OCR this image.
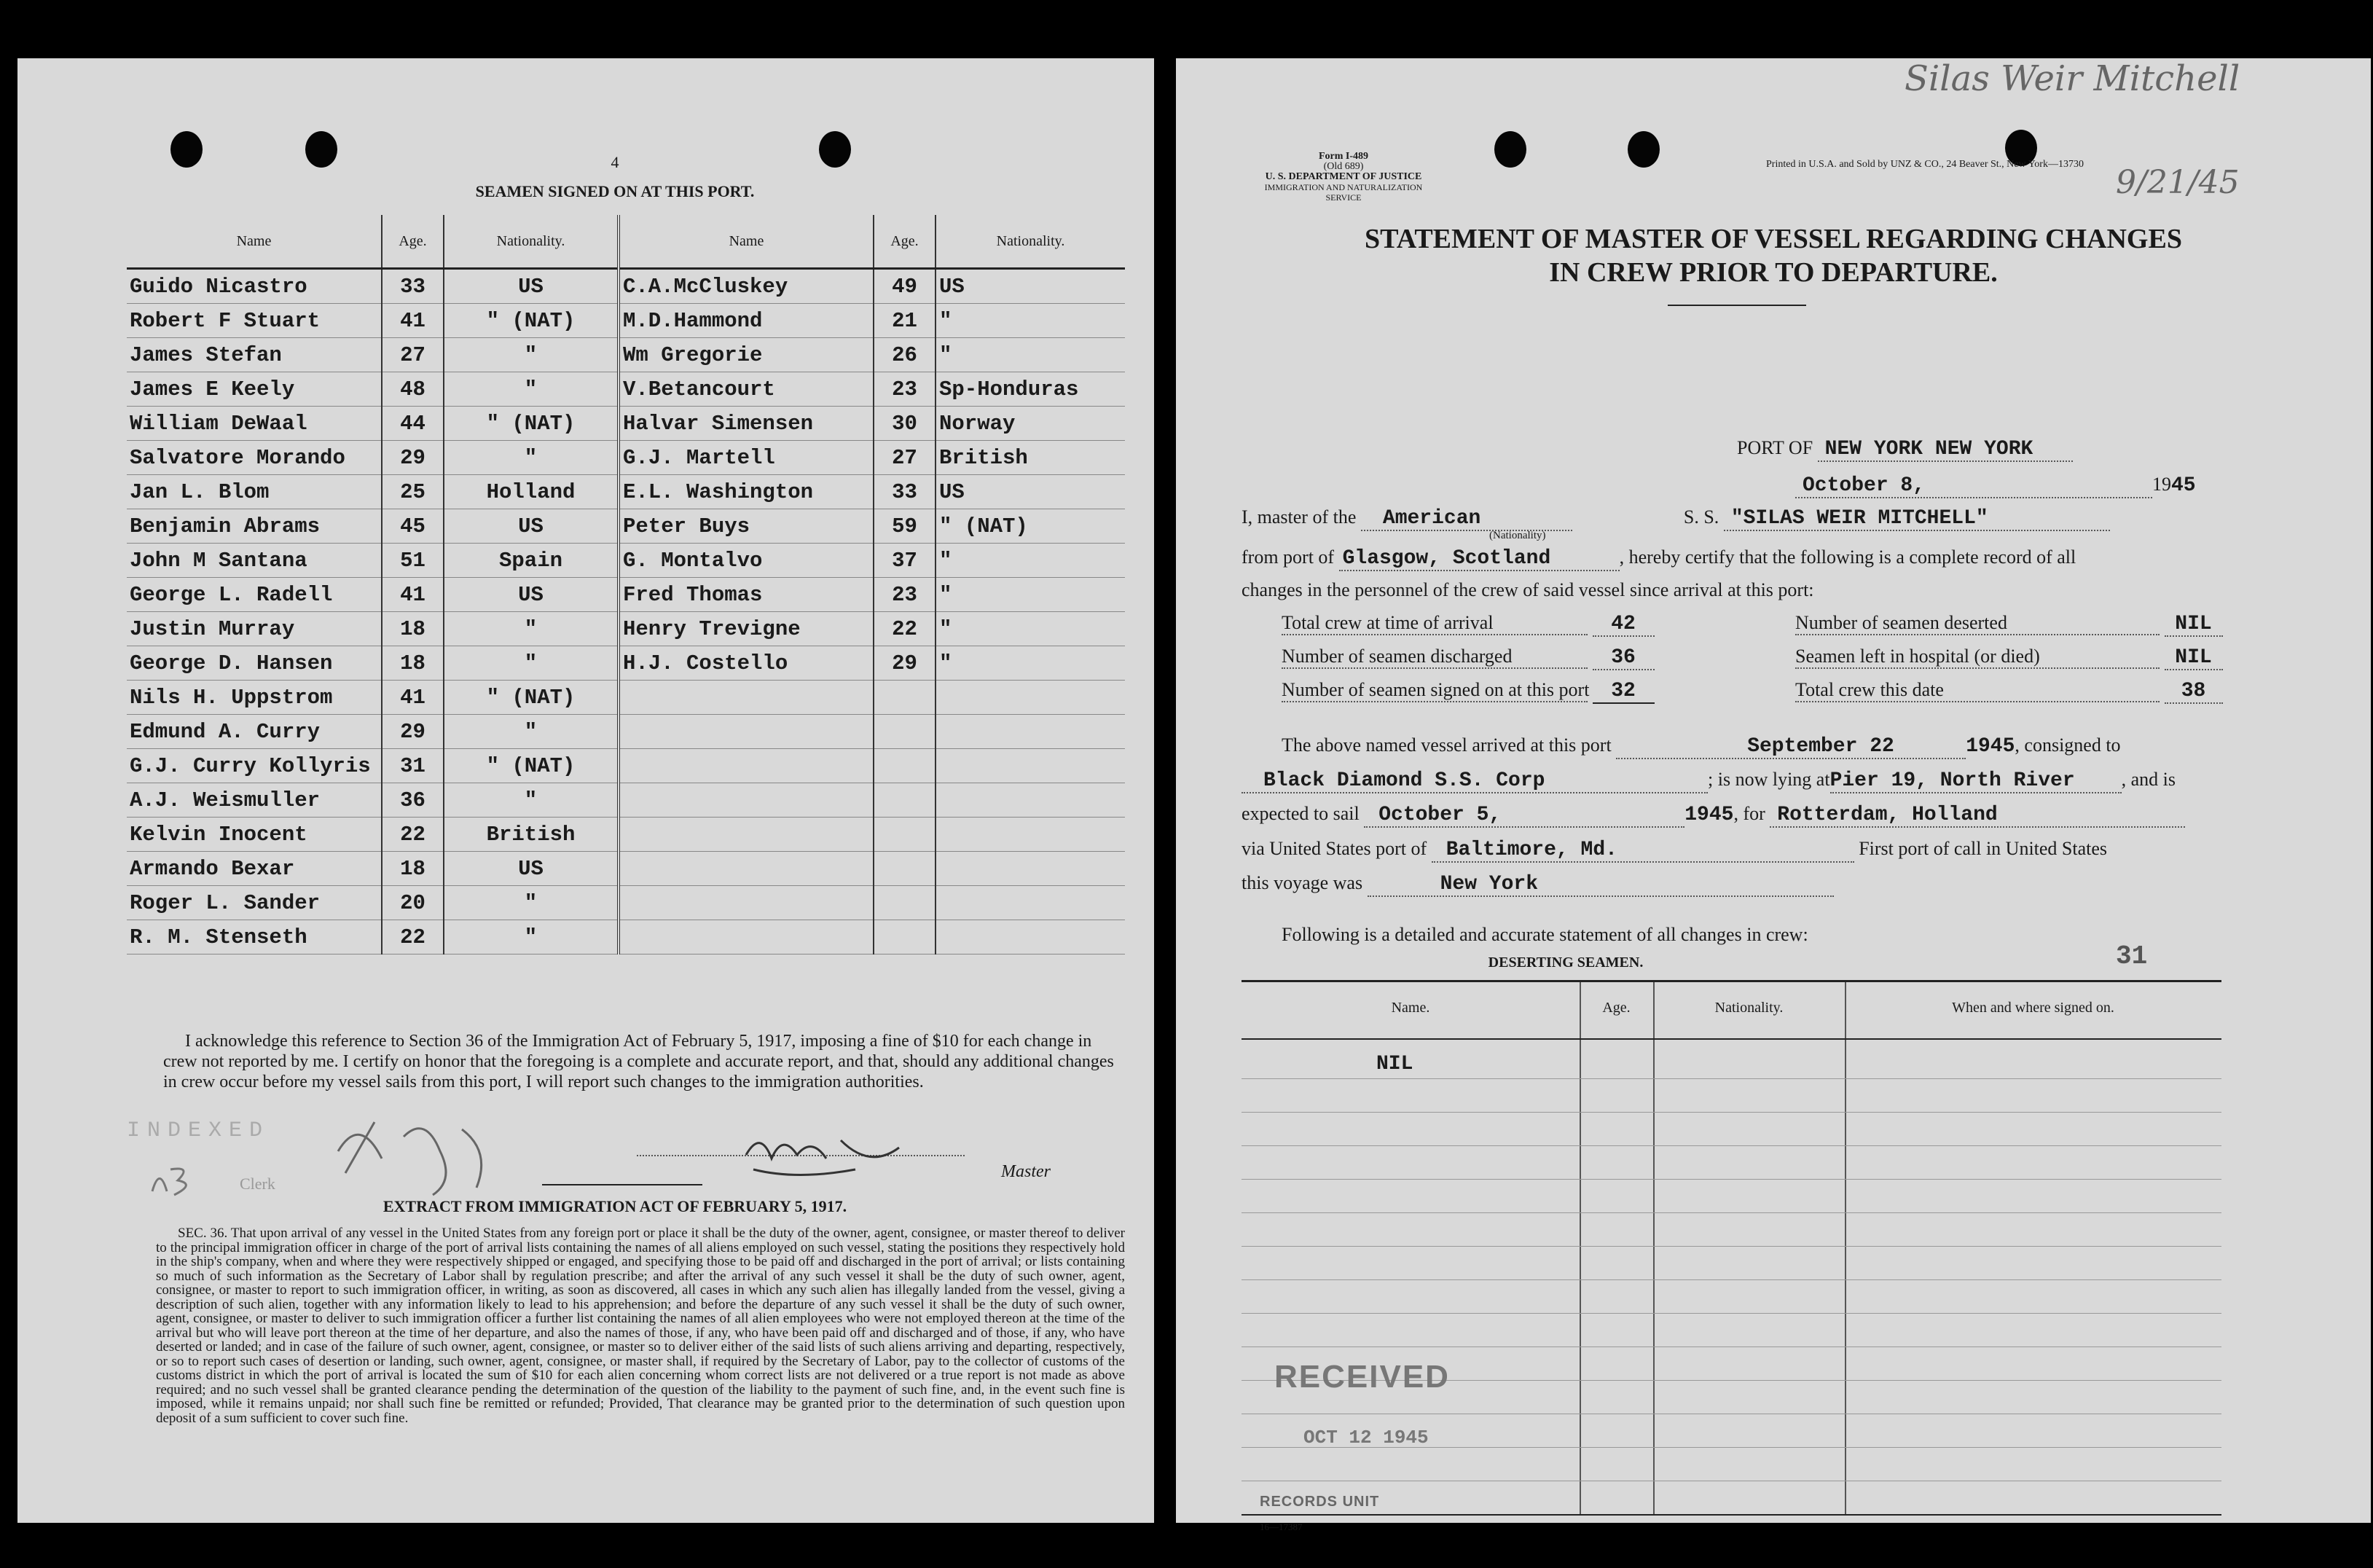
4
SEAMEN SIGNED ON AT THIS PORT.
Name	Age.	Nationality.	Name	Age.	Nationality.
Guido Nicastro	33	US	C.A.McCluskey	49	US
Robert F Stuart	41	" (NAT)	M.D.Hammond	21	"
James Stefan	27	"	Wm Gregorie	26	"
James E Keely	48	"	V.Betancourt	23	Sp-Honduras
William DeWaal	44	" (NAT)	Halvar Simensen	30	Norway
Salvatore Morando	29	"	G.J. Martell	27	British
Jan L. Blom	25	Holland	E.L. Washington	33	US
Benjamin Abrams	45	US	Peter Buys	59	" (NAT)
John M Santana	51	Spain	G. Montalvo	37	"
George L. Radell	41	US	Fred Thomas	23	"
Justin Murray	18	"	Henry Trevigne	22	"
George D. Hansen	18	"	H.J. Costello	29	"
Nils H. Uppstrom	41	" (NAT)			
Edmund A. Curry	29	"			
G.J. Curry Kollyris	31	" (NAT)			
A.J. Weismuller	36	"			
Kelvin Inocent	22	British			
Armando Bexar	18	US			
Roger L. Sander	20	"			
R. M. Stenseth	22	"			
I acknowledge this reference to Section 36 of the Immigration Act of February 5, 1917, imposing a fine of $10 for each change in crew not reported by me. I certify on honor that the foregoing is a complete and accurate report, and that, should any additional changes in crew occur before my vessel sails from this port, I will report such changes to the immigration authorities.
INDEXED
Clerk
Master
EXTRACT FROM IMMIGRATION ACT OF FEBRUARY 5, 1917.
SEC. 36. That upon arrival of any vessel in the United States from any foreign port or place it shall be the duty of the owner, agent, consignee, or master thereof to deliver to the principal immigration officer in charge of the port of arrival lists containing the names of all aliens employed on such vessel, stating the positions they respectively hold in the ship's company, when and where they were respectively shipped or engaged, and specifying those to be paid off and discharged in the port of arrival; or lists containing so much of such information as the Secretary of Labor shall by regulation prescribe; and after the arrival of any such vessel it shall be the duty of such owner, agent, consignee, or master to report to such immigration officer, in writing, as soon as discovered, all cases in which any such alien has illegally landed from the vessel, giving a description of such alien, together with any information likely to lead to his apprehension; and before the departure of any such vessel it shall be the duty of such owner, agent, consignee, or master to deliver to such immigration officer a further list containing the names of all alien employees who were not employed thereon at the time of the arrival but who will leave port thereon at the time of her departure, and also the names of those, if any, who have been paid off and discharged and of those, if any, who have deserted or landed; and in case of the failure of such owner, agent, consignee, or master so to deliver either of the said lists of such aliens arriving and departing, respectively, or so to report such cases of desertion or landing, such owner, agent, consignee, or master shall, if required by the Secretary of Labor, pay to the collector of customs of the customs district in which the port of arrival is located the sum of $10 for each alien concerning whom correct lists are not delivered or a true report is not made as above required; and no such vessel shall be granted clearance pending the determination of the question of the liability to the payment of such fine, and, in the event such fine is imposed, while it remains unpaid; nor shall such fine be remitted or refunded; Provided, That clearance may be granted prior to the determination of such question upon deposit of a sum sufficient to cover such fine.
Silas Weir Mitchell
9/21/45
Form I-489
(Old 689)
U. S. DEPARTMENT OF JUSTICE
IMMIGRATION AND NATURALIZATION SERVICE
Printed in U.S.A. and Sold by UNZ & CO., 24 Beaver St., New York—13730
STATEMENT OF MASTER OF VESSEL REGARDING CHANGES
IN CREW PRIOR TO DEPARTURE.
PORT OF NEW YORK NEW YORK
October 8,	1945
I, master of the American	S. S. "SILAS WEIR MITCHELL"
(Nationality)
from port of Glasgow, Scotland	, hereby certify that the following is a complete record of all
changes in the personnel of the crew of said vessel since arrival at this port:
Total crew at time of arrival	42
Number of seamen discharged	36
Number of seamen signed on at this port 32
Number of seamen deserted	NIL
Seamen left in hospital (or died)	NIL
Total crew this date	38
The above named vessel arrived at this port	September 22	1945, consigned to
Black Diamond S.S. Corp	; is now lying atPier 19, North River , and is
expected to sail October 5,	1945, for Rotterdam, Holland
via United States port of Baltimore, Md.	First port of call in United States
this voyage was	New York
Following is a detailed and accurate statement of all changes in crew:
DESERTING SEAMEN.	31
Name.	Age.	Nationality.	When and where signed on.
NIL
RECEIVED
OCT 12 1945
RECORDS UNIT
16—17387
